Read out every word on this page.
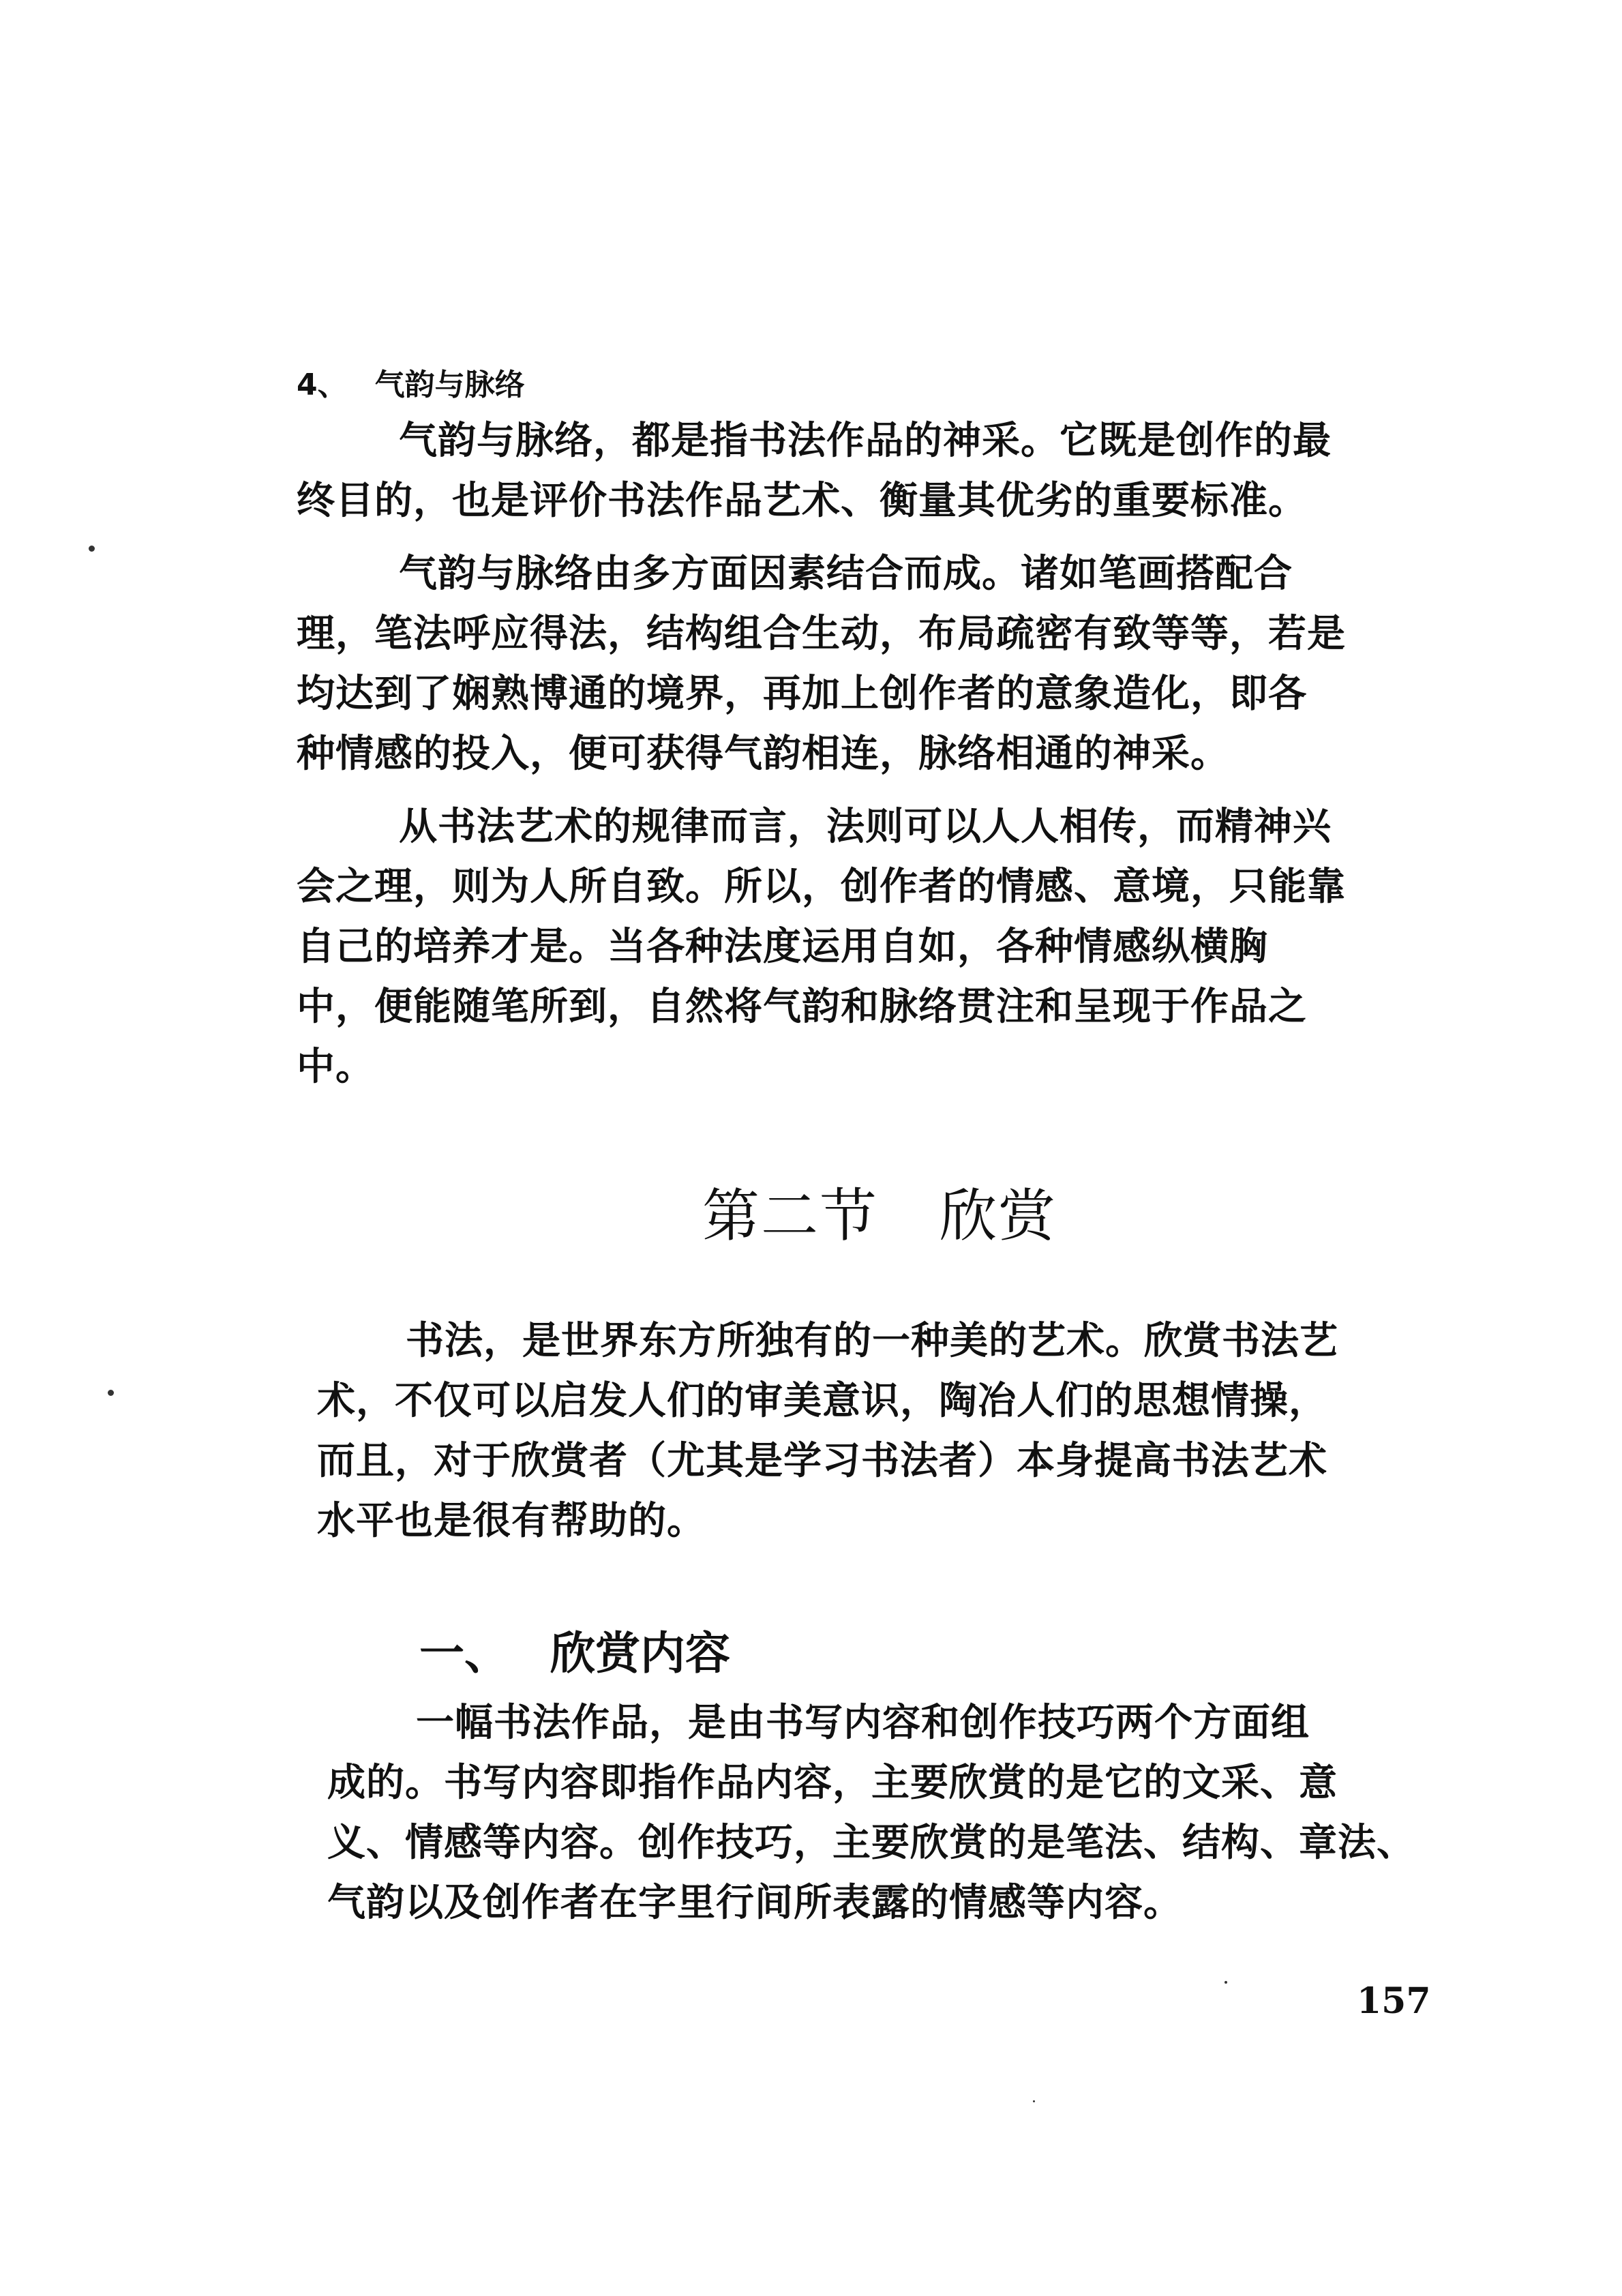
4、 气韵与脉络
气韵与脉络，都是指书法作品的神采。它既是创作的最
终目的，也是评价书法作品艺术、衡量其优劣的重要标准。
气韵与脉络由多方面因素结合而成。诸如笔画搭配合
理，笔法呼应得法，结构组合生动，布局疏密有致等等，若是
均达到了娴熟博通的境界，再加上创作者的意象造化，即各
种情感的投入，便可获得气韵相连，脉络相通的神采。
从书法艺术的规律而言，法则可以人人相传，而精神兴
会之理，则为人所自致。所以，创作者的情感、意境，只能靠
自己的培养才是。当各种法度运用自如，各种情感纵横胸
中，便能随笔所到，自然将气韵和脉络贯注和呈现于作品之
中。
第二节 欣赏
书法，是世界东方所独有的一种美的艺术。欣赏书法艺
术，不仅可以启发人们的审美意识，陶冶人们的思想情操，
而且，对于欣赏者（尤其是学习书法者）本身提高书法艺术
水平也是很有帮助的。
一、 欣赏内容
一幅书法作品，是由书写内容和创作技巧两个方面组
成的。书写内容即指作品内容，主要欣赏的是它的文采、意
义、情感等内容。创作技巧，主要欣赏的是笔法、结构、章法、
气韵以及创作者在字里行间所表露的情感等内容。
157
